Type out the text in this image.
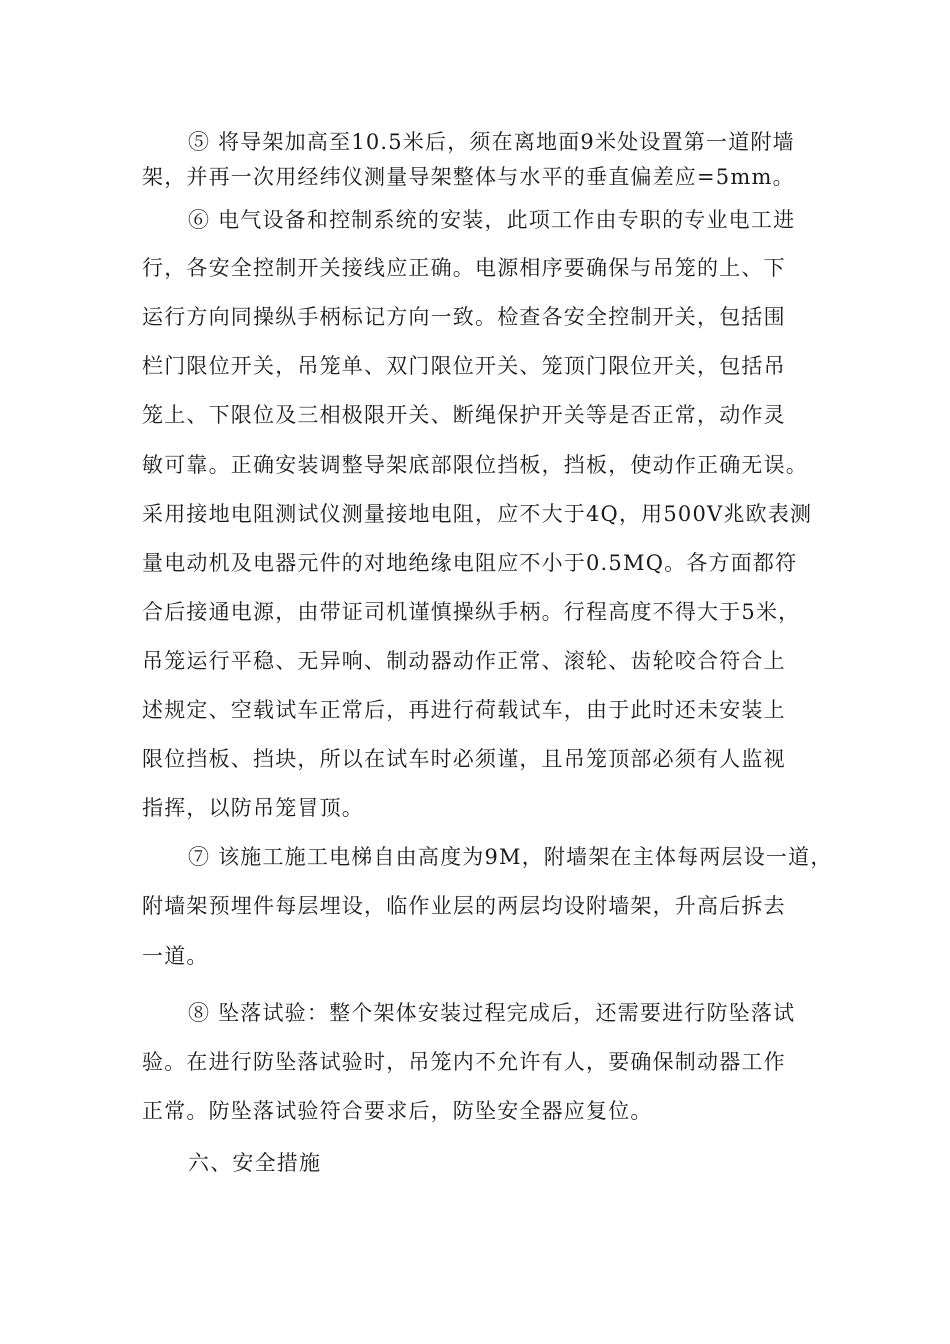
⑤ 将导架加高至10.5米后，须在离地面9米处设置第一道附墙
架，并再一次用经纬仪测量导架整体与水平的垂直偏差应=5mm。
⑥ 电气设备和控制系统的安装，此项工作由专职的专业电工进
行，各安全控制开关接线应正确。电源相序要确保与吊笼的上、下
运行方向同操纵手柄标记方向一致。检查各安全控制开关，包括围
栏门限位开关，吊笼单、双门限位开关、笼顶门限位开关，包括吊
笼上、下限位及三相极限开关、断绳保护开关等是否正常，动作灵
敏可靠。正确安装调整导架底部限位挡板，挡板，使动作正确无误。
采用接地电阻测试仪测量接地电阻，应不大于4Q，用500V兆欧表测
量电动机及电器元件的对地绝缘电阻应不小于0.5MQ。各方面都符
合后接通电源，由带证司机谨慎操纵手柄。行程高度不得大于5米，
吊笼运行平稳、无异响、制动器动作正常、滚轮、齿轮咬合符合上
述规定、空载试车正常后，再进行荷载试车，由于此时还未安装上
限位挡板、挡块，所以在试车时必须谨，且吊笼顶部必须有人监视
指挥，以防吊笼冒顶。
⑦ 该施工施工电梯自由高度为9M，附墙架在主体每两层设一道，
附墙架预埋件每层埋设，临作业层的两层均设附墙架，升高后拆去
一道。
⑧ 坠落试验：整个架体安装过程完成后，还需要进行防坠落试
验。在进行防坠落试验时，吊笼内不允许有人，要确保制动器工作
正常。防坠落试验符合要求后，防坠安全器应复位。
六、安全措施
